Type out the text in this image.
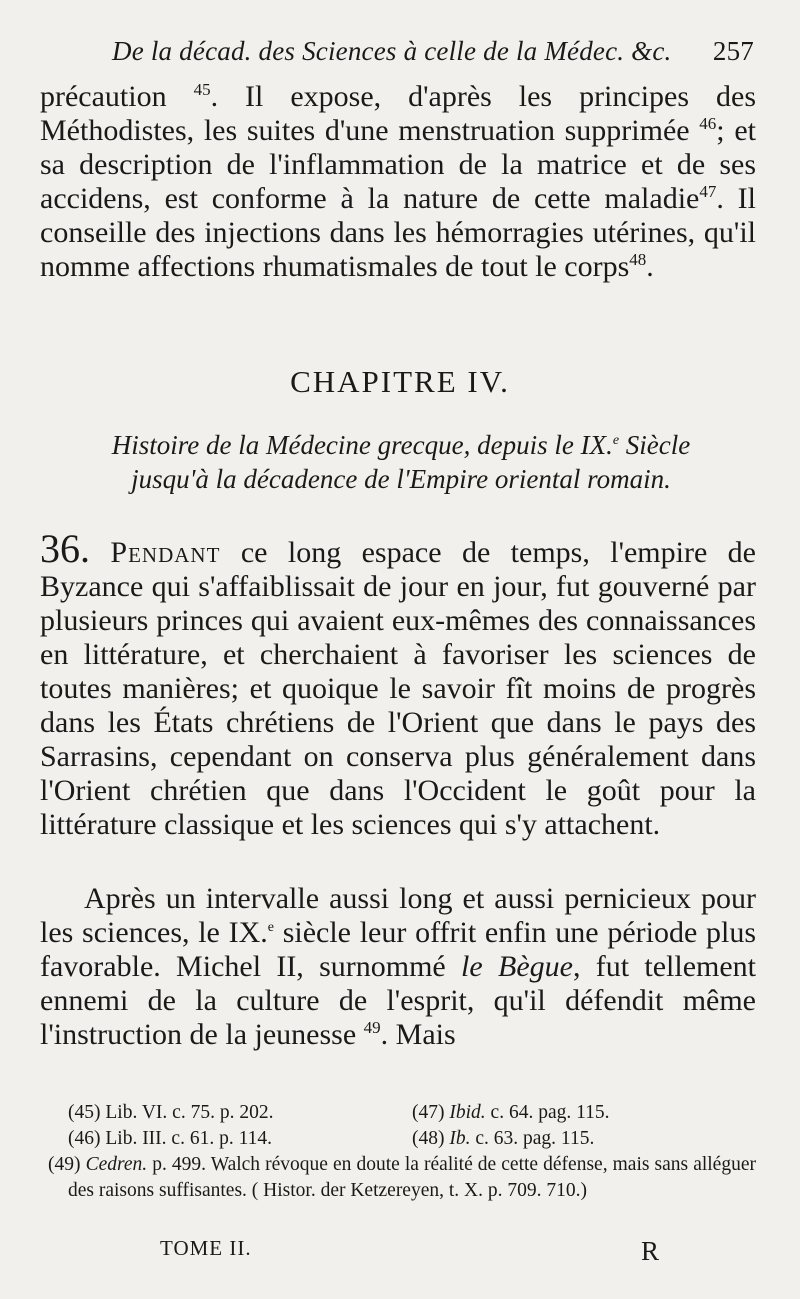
De la décad. des Sciences à celle de la Médec. &c. 257
précaution $^{45}$. Il expose, d'après les principes des Méthodistes, les suites d'une menstruation supprimée $^{46}$; et sa description de l'inflammation de la matrice et de ses accidens, est conforme à la nature de cette maladie$^{47}$. Il conseille des injections dans les hémorragies utérines, qu'il nomme affections rhumatismales de tout le corps$^{48}$.
CHAPITRE IV.
Histoire de la Médecine grecque, depuis le IX.$^e$ Siècle
jusqu'à la décadence de l'Empire oriental romain.
36. Pendant ce long espace de temps, l'empire de Byzance qui s'affaiblissait de jour en jour, fut gouverné par plusieurs princes qui avaient eux-mêmes des connaissances en littérature, et cherchaient à favoriser les sciences de toutes manières; et quoique le savoir fît moins de progrès dans les États chrétiens de l'Orient que dans le pays des Sarrasins, cependant on conserva plus généralement dans l'Orient chrétien que dans l'Occident le goût pour la littérature classique et les sciences qui s'y attachent.
Après un intervalle aussi long et aussi pernicieux pour les sciences, le IX.$^e$ siècle leur offrit enfin une période plus favorable. Michel II, surnommé le Bègue, fut tellement ennemi de la culture de l'esprit, qu'il défendit même l'instruction de la jeunesse $^{49}$. Mais
(45) Lib. VI. c. 75. p. 202.	(47) Ibid. c. 64. pag. 115.
(46) Lib. III. c. 61. p. 114.	(48) Ib. c. 63. pag. 115.
(49) Cedren. p. 499. Walch révoque en doute la réalité de cette défense, mais sans alléguer des raisons suffisantes. ( Histor. der Ketzereyen, t. X. p. 709. 710.)
TOME II.	R
